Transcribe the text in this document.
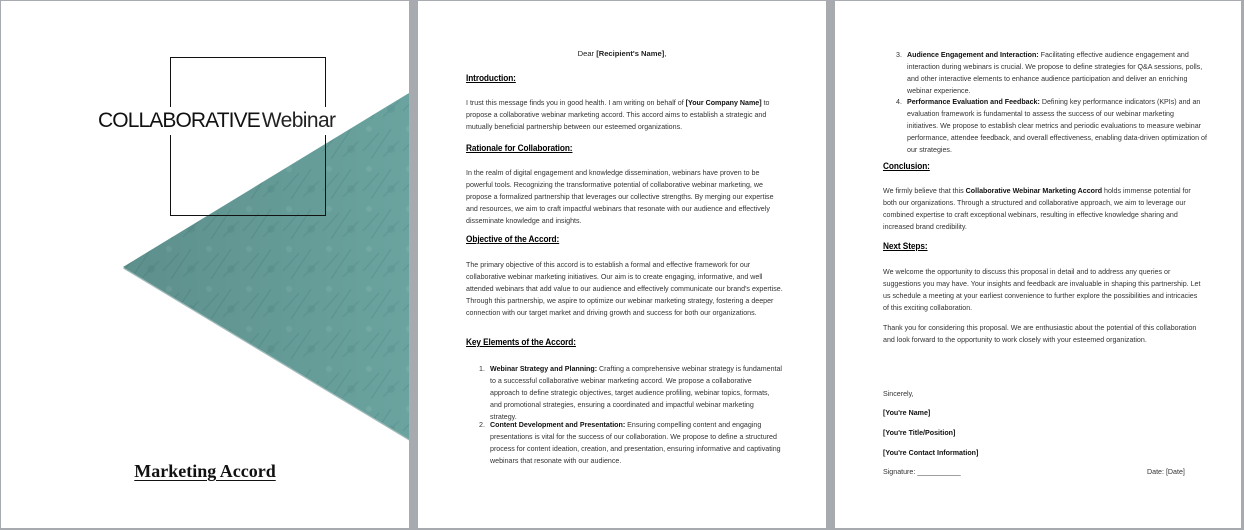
COLLABORATIVEWebinar
Marketing Accord
Dear [Recipient's Name],
Introduction:
I trust this message finds you in good health. I am writing on behalf of [Your Company Name] to propose a collaborative webinar marketing accord. This accord aims to establish a strategic and mutually beneficial partnership between our esteemed organizations.
Rationale for Collaboration:
In the realm of digital engagement and knowledge dissemination, webinars have proven to be powerful tools. Recognizing the transformative potential of collaborative webinar marketing, we propose a formalized partnership that leverages our collective strengths. By merging our expertise and resources, we aim to craft impactful webinars that resonate with our audience and effectively disseminate knowledge and insights.
Objective of the Accord:
The primary objective of this accord is to establish a formal and effective framework for our collaborative webinar marketing initiatives. Our aim is to create engaging, informative, and well attended webinars that add value to our audience and effectively communicate our brand's expertise. Through this partnership, we aspire to optimize our webinar marketing strategy, fostering a deeper connection with our target market and driving growth and success for both our organizations.
Key Elements of the Accord:
1. Webinar Strategy and Planning: Crafting a comprehensive webinar strategy is fundamental to a successful collaborative webinar marketing accord. We propose a collaborative approach to define strategic objectives, target audience profiling, webinar topics, formats, and promotional strategies, ensuring a coordinated and impactful webinar marketing strategy.
2. Content Development and Presentation: Ensuring compelling content and engaging presentations is vital for the success of our collaboration. We propose to define a structured process for content ideation, creation, and presentation, ensuring informative and captivating webinars that resonate with our audience.
3. Audience Engagement and Interaction: Facilitating effective audience engagement and interaction during webinars is crucial. We propose to define strategies for Q&A sessions, polls, and other interactive elements to enhance audience participation and deliver an enriching webinar experience.
4. Performance Evaluation and Feedback: Defining key performance indicators (KPIs) and an evaluation framework is fundamental to assess the success of our webinar marketing initiatives. We propose to establish clear metrics and periodic evaluations to measure webinar performance, attendee feedback, and overall effectiveness, enabling data-driven optimization of our strategies.
Conclusion:
We firmly believe that this Collaborative Webinar Marketing Accord holds immense potential for both our organizations. Through a structured and collaborative approach, we aim to leverage our combined expertise to craft exceptional webinars, resulting in effective knowledge sharing and increased brand credibility.
Next Steps:
We welcome the opportunity to discuss this proposal in detail and to address any queries or suggestions you may have. Your insights and feedback are invaluable in shaping this partnership. Let us schedule a meeting at your earliest convenience to further explore the possibilities and intricacies of this exciting collaboration.
Thank you for considering this proposal. We are enthusiastic about the potential of this collaboration and look forward to the opportunity to work closely with your esteemed organization.
Sincerely,
[You're Name]
[You're Title/Position]
[You're Contact Information]
Signature: ___________	Date: [Date]
